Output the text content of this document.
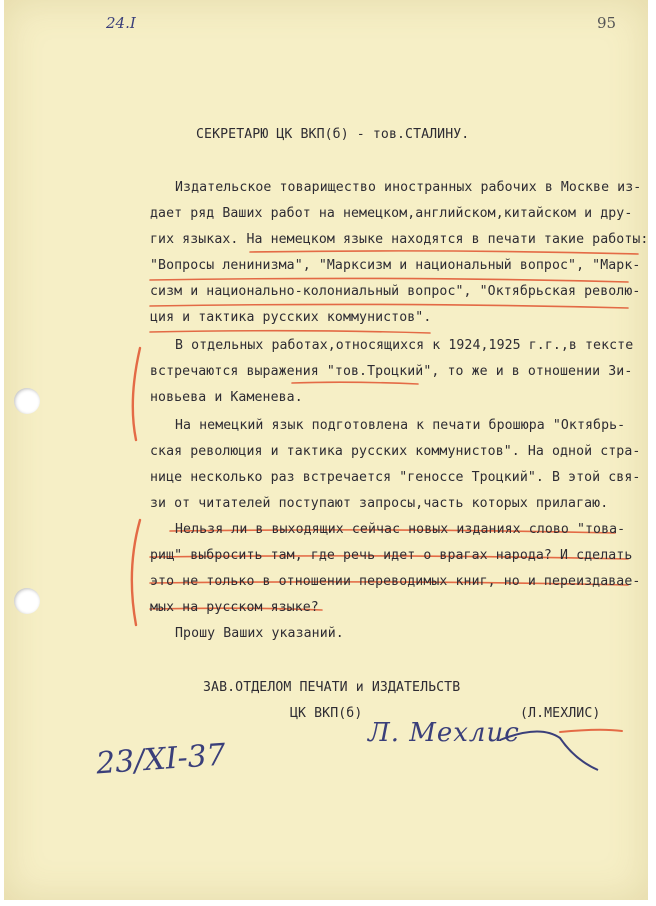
24.I	95
СЕКРЕТАРЮ ЦК ВКП(б) - тов.СТАЛИНУ.
Издательское товарищество иностранных рабочих в Москве из-
дает ряд Ваших работ на немецком,английском,китайском и дру-
гих языках. На немецком языке находятся в печати такие работы:
"Вопросы ленинизма", "Марксизм и национальный вопрос", "Марк-
сизм и национально-колониальный вопрос", "Октябрьская револю-
ция и тактика русских коммунистов".
В отдельных работах,относящихся к 1924,1925 г.г.,в тексте
встречаются выражения "тов.Троцкий", то же и в отношении Зи-
новьева и Каменева.
На немецкий язык подготовлена к печати брошюра "Октябрь-
ская революция и тактика русских коммунистов". На одной стра-
нице несколько раз встречается "геноссе Троцкий". В этой свя-
зи от читателей поступают запросы,часть которых прилагаю.
Нельзя ли в выходящих сейчас новых изданиях слово "това-
рищ" выбросить там, где речь идет о врагах народа? И сделать
это не только в отношении переводимых книг, но и переиздавае-
мых на русском языке?
Прошу Ваших указаний.
ЗАВ.ОТДЕЛОМ ПЕЧАТИ и ИЗДАТЕЛЬСТВ
ЦК ВКП(б)	(Л.МЕХЛИС)
Л. Мехлис
23/XI-37
